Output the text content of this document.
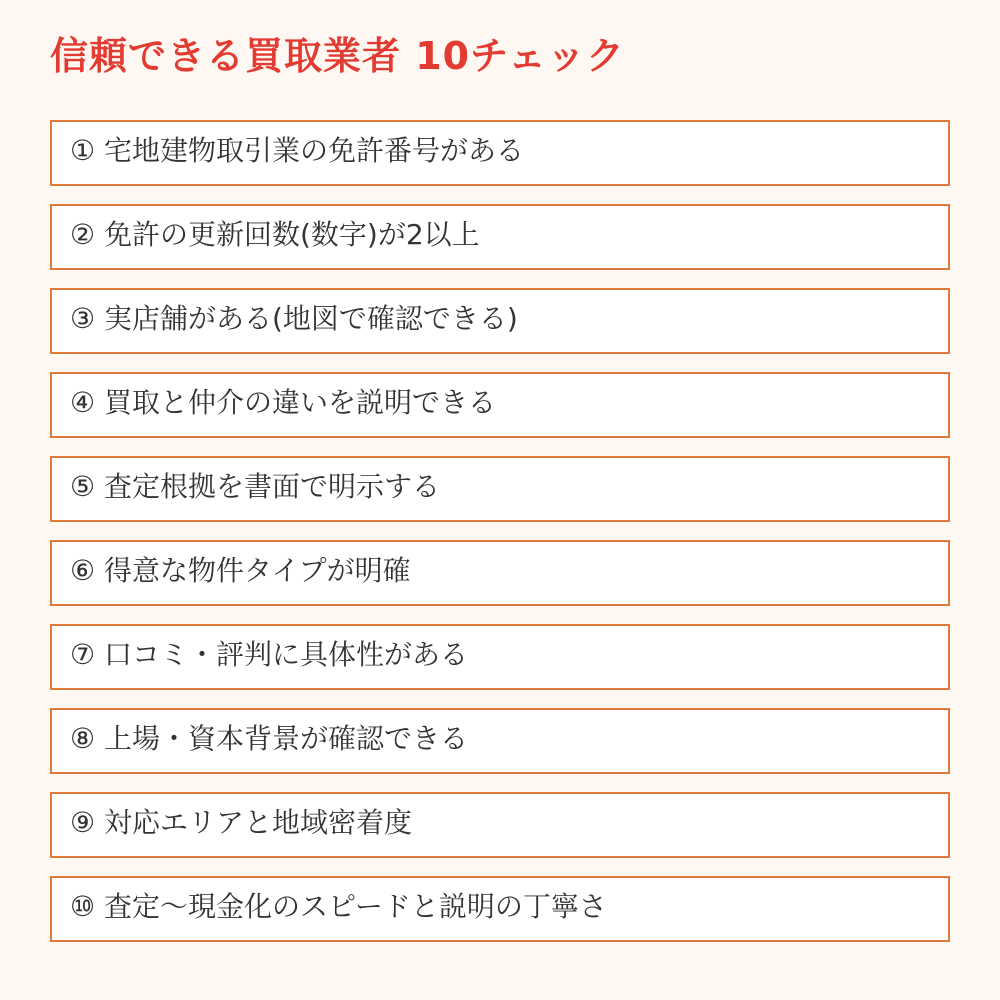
信頼できる買取業者 10チェック
① 宅地建物取引業の免許番号がある
② 免許の更新回数(数字)が2以上
③ 実店舗がある(地図で確認できる)
④ 買取と仲介の違いを説明できる
⑤ 査定根拠を書面で明示する
⑥ 得意な物件タイプが明確
⑦ 口コミ・評判に具体性がある
⑧ 上場・資本背景が確認できる
⑨ 対応エリアと地域密着度
⑩ 査定〜現金化のスピードと説明の丁寧さ
